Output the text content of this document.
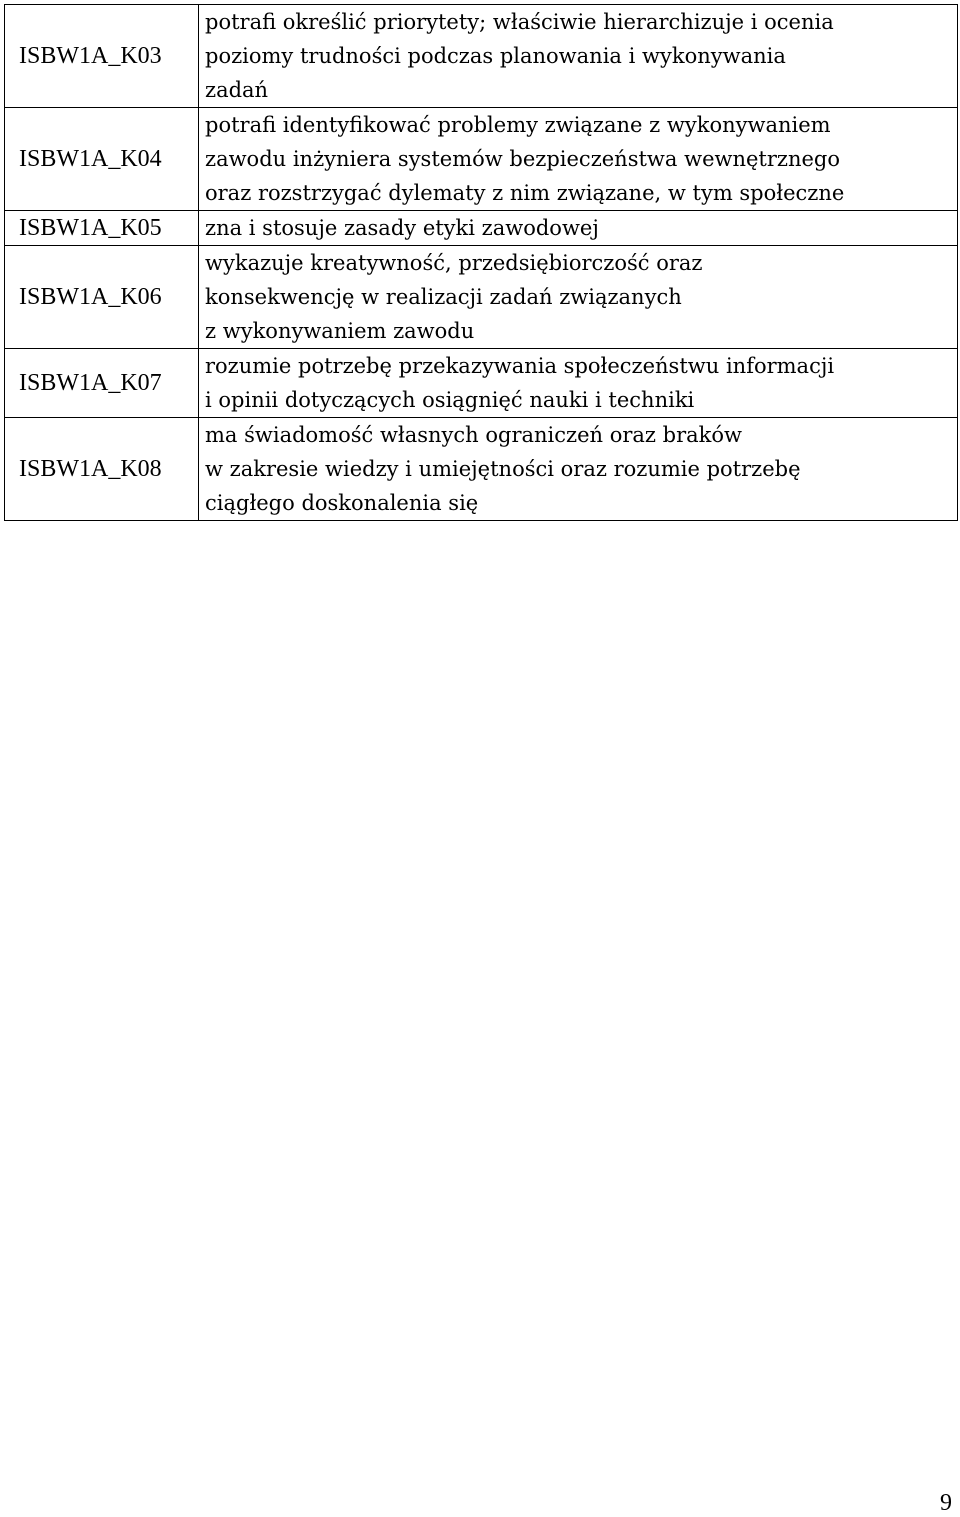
ISBW1A_K03	potrafi określić priorytety; właściwie hierarchizuje i ocenia
poziomy trudności podczas planowania i wykonywania
zadań

ISBW1A_K04	potrafi identyfikować problemy związane z wykonywaniem
zawodu inżyniera systemów bezpieczeństwa wewnętrznego
oraz rozstrzygać dylematy z nim związane, w tym społeczne

ISBW1A_K05	zna i stosuje zasady etyki zawodowej

ISBW1A_K06	wykazuje kreatywność, przedsiębiorczość oraz
konsekwencję w realizacji zadań związanych
z wykonywaniem zawodu

ISBW1A_K07	rozumie potrzebę przekazywania społeczeństwu informacji
i opinii dotyczących osiągnięć nauki i techniki

ISBW1A_K08	ma świadomość własnych ograniczeń oraz braków
w zakresie wiedzy i umiejętności oraz rozumie potrzebę
ciągłego doskonalenia się
9
